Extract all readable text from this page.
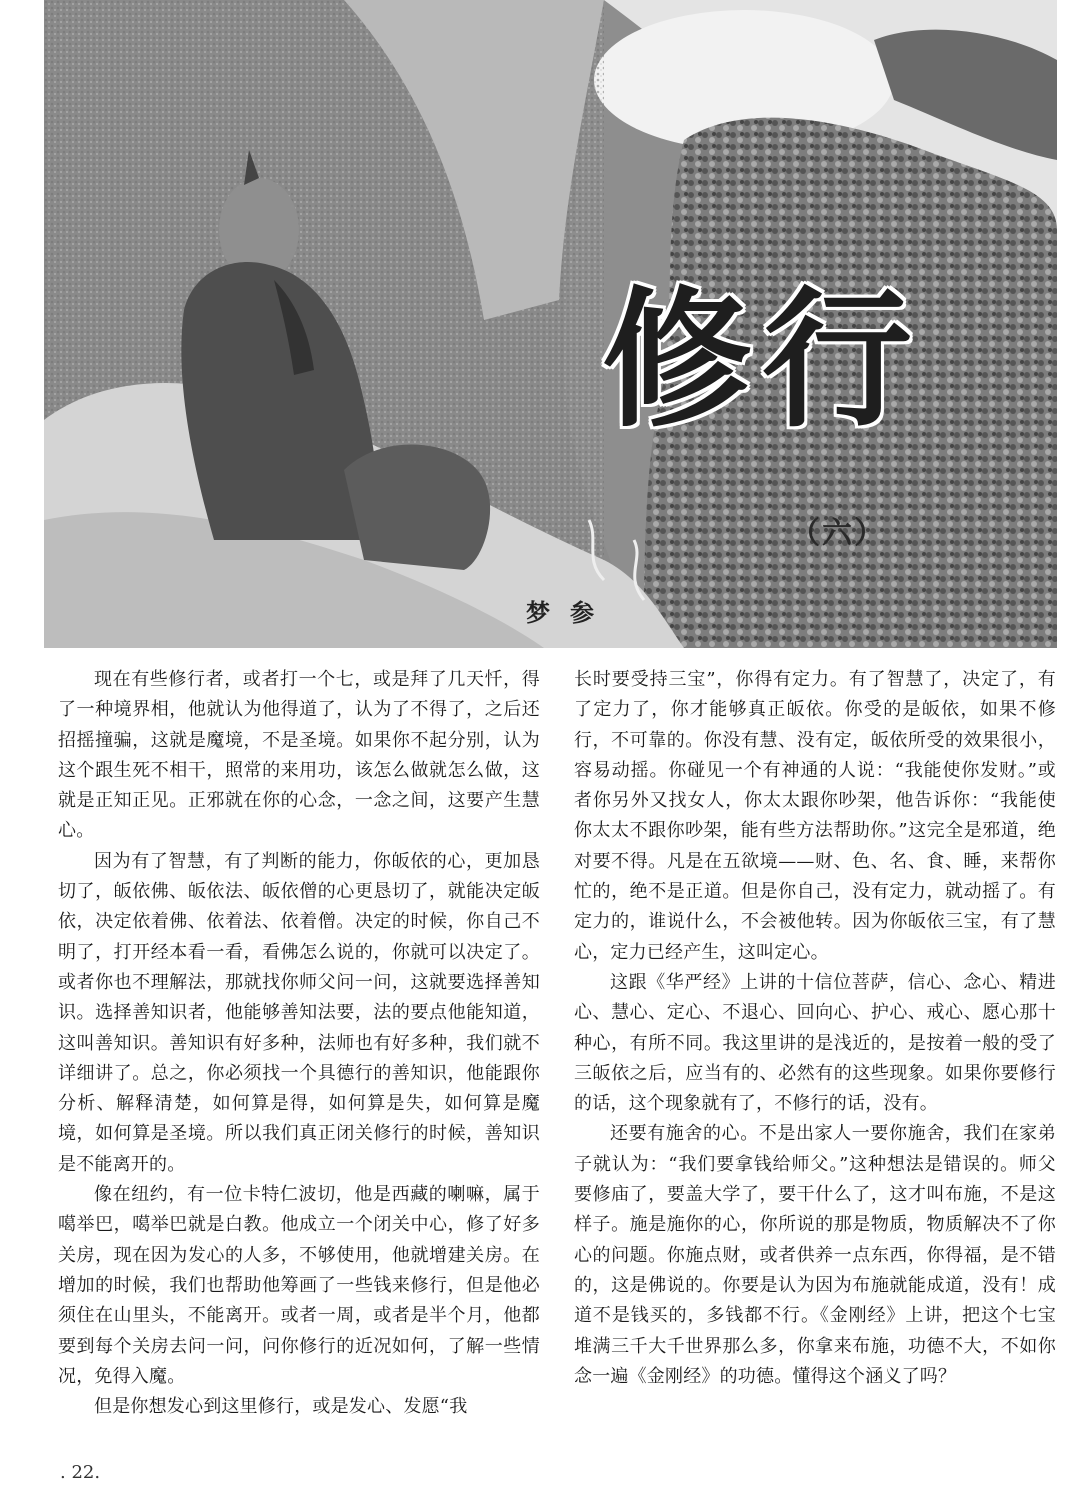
修行
（六）
梦参

现在有些修行者，或者打一个七，或是拜了几天忏，得了一种境界相，他就认为他得道了，认为了不得了，之后还招摇撞骗，这就是魔境，不是圣境。如果你不起分别，认为这个跟生死不相干，照常的来用功，该怎么做就怎么做，这就是正知正见。正邪就在你的心念，一念之间，这要产生慧心。

因为有了智慧，有了判断的能力，你皈依的心，更加恳切了，皈依佛、皈依法、皈依僧的心更恳切了，就能决定皈依，决定依着佛、依着法、依着僧。决定的时候，你自己不明了，打开经本看一看，看佛怎么说的，你就可以决定了。或者你也不理解法，那就找你师父问一问，这就要选择善知识。选择善知识者，他能够善知法要，法的要点他能知道，这叫善知识。善知识有好多种，法师也有好多种，我们就不详细讲了。总之，你必须找一个具德行的善知识，他能跟你分析、解释清楚，如何算是得，如何算是失，如何算是魔境，如何算是圣境。所以我们真正闭关修行的时候，善知识是不能离开的。

像在纽约，有一位卡特仁波切，他是西藏的喇嘛，属于噶举巴，噶举巴就是白教。他成立一个闭关中心，修了好多关房，现在因为发心的人多，不够使用，他就增建关房。在增加的时候，我们也帮助他筹画了一些钱来修行，但是他必须住在山里头，不能离开。或者一周，或者是半个月，他都要到每个关房去问一问，问你修行的近况如何，了解一些情况，免得入魔。

但是你想发心到这里修行，或是发心、发愿“我

长时要受持三宝”，你得有定力。有了智慧了，决定了，有了定力了，你才能够真正皈依。你受的是皈依，如果不修行，不可靠的。你没有慧、没有定，皈依所受的效果很小，容易动摇。你碰见一个有神通的人说：“我能使你发财。”或者你另外又找女人，你太太跟你吵架，他告诉你：“我能使你太太不跟你吵架，能有些方法帮助你。”这完全是邪道，绝对要不得。凡是在五欲境——财、色、名、食、睡，来帮你忙的，绝不是正道。但是你自己，没有定力，就动摇了。有定力的，谁说什么，不会被他转。因为你皈依三宝，有了慧心，定力已经产生，这叫定心。

这跟《华严经》上讲的十信位菩萨，信心、念心、精进心、慧心、定心、不退心、回向心、护心、戒心、愿心那十种心，有所不同。我这里讲的是浅近的，是按着一般的受了三皈依之后，应当有的、必然有的这些现象。如果你要修行的话，这个现象就有了，不修行的话，没有。

还要有施舍的心。不是出家人一要你施舍，我们在家弟子就认为：“我们要拿钱给师父。”这种想法是错误的。师父要修庙了，要盖大学了，要干什么了，这才叫布施，不是这样子。施是施你的心，你所说的那是物质，物质解决不了你心的问题。你施点财，或者供养一点东西，你得福，是不错的，这是佛说的。你要是认为因为布施就能成道，没有！成道不是钱买的，多钱都不行。《金刚经》上讲，把这个七宝堆满三千大千世界那么多，你拿来布施，功德不大，不如你念一遍《金刚经》的功德。懂得这个涵义了吗？

. 22.
